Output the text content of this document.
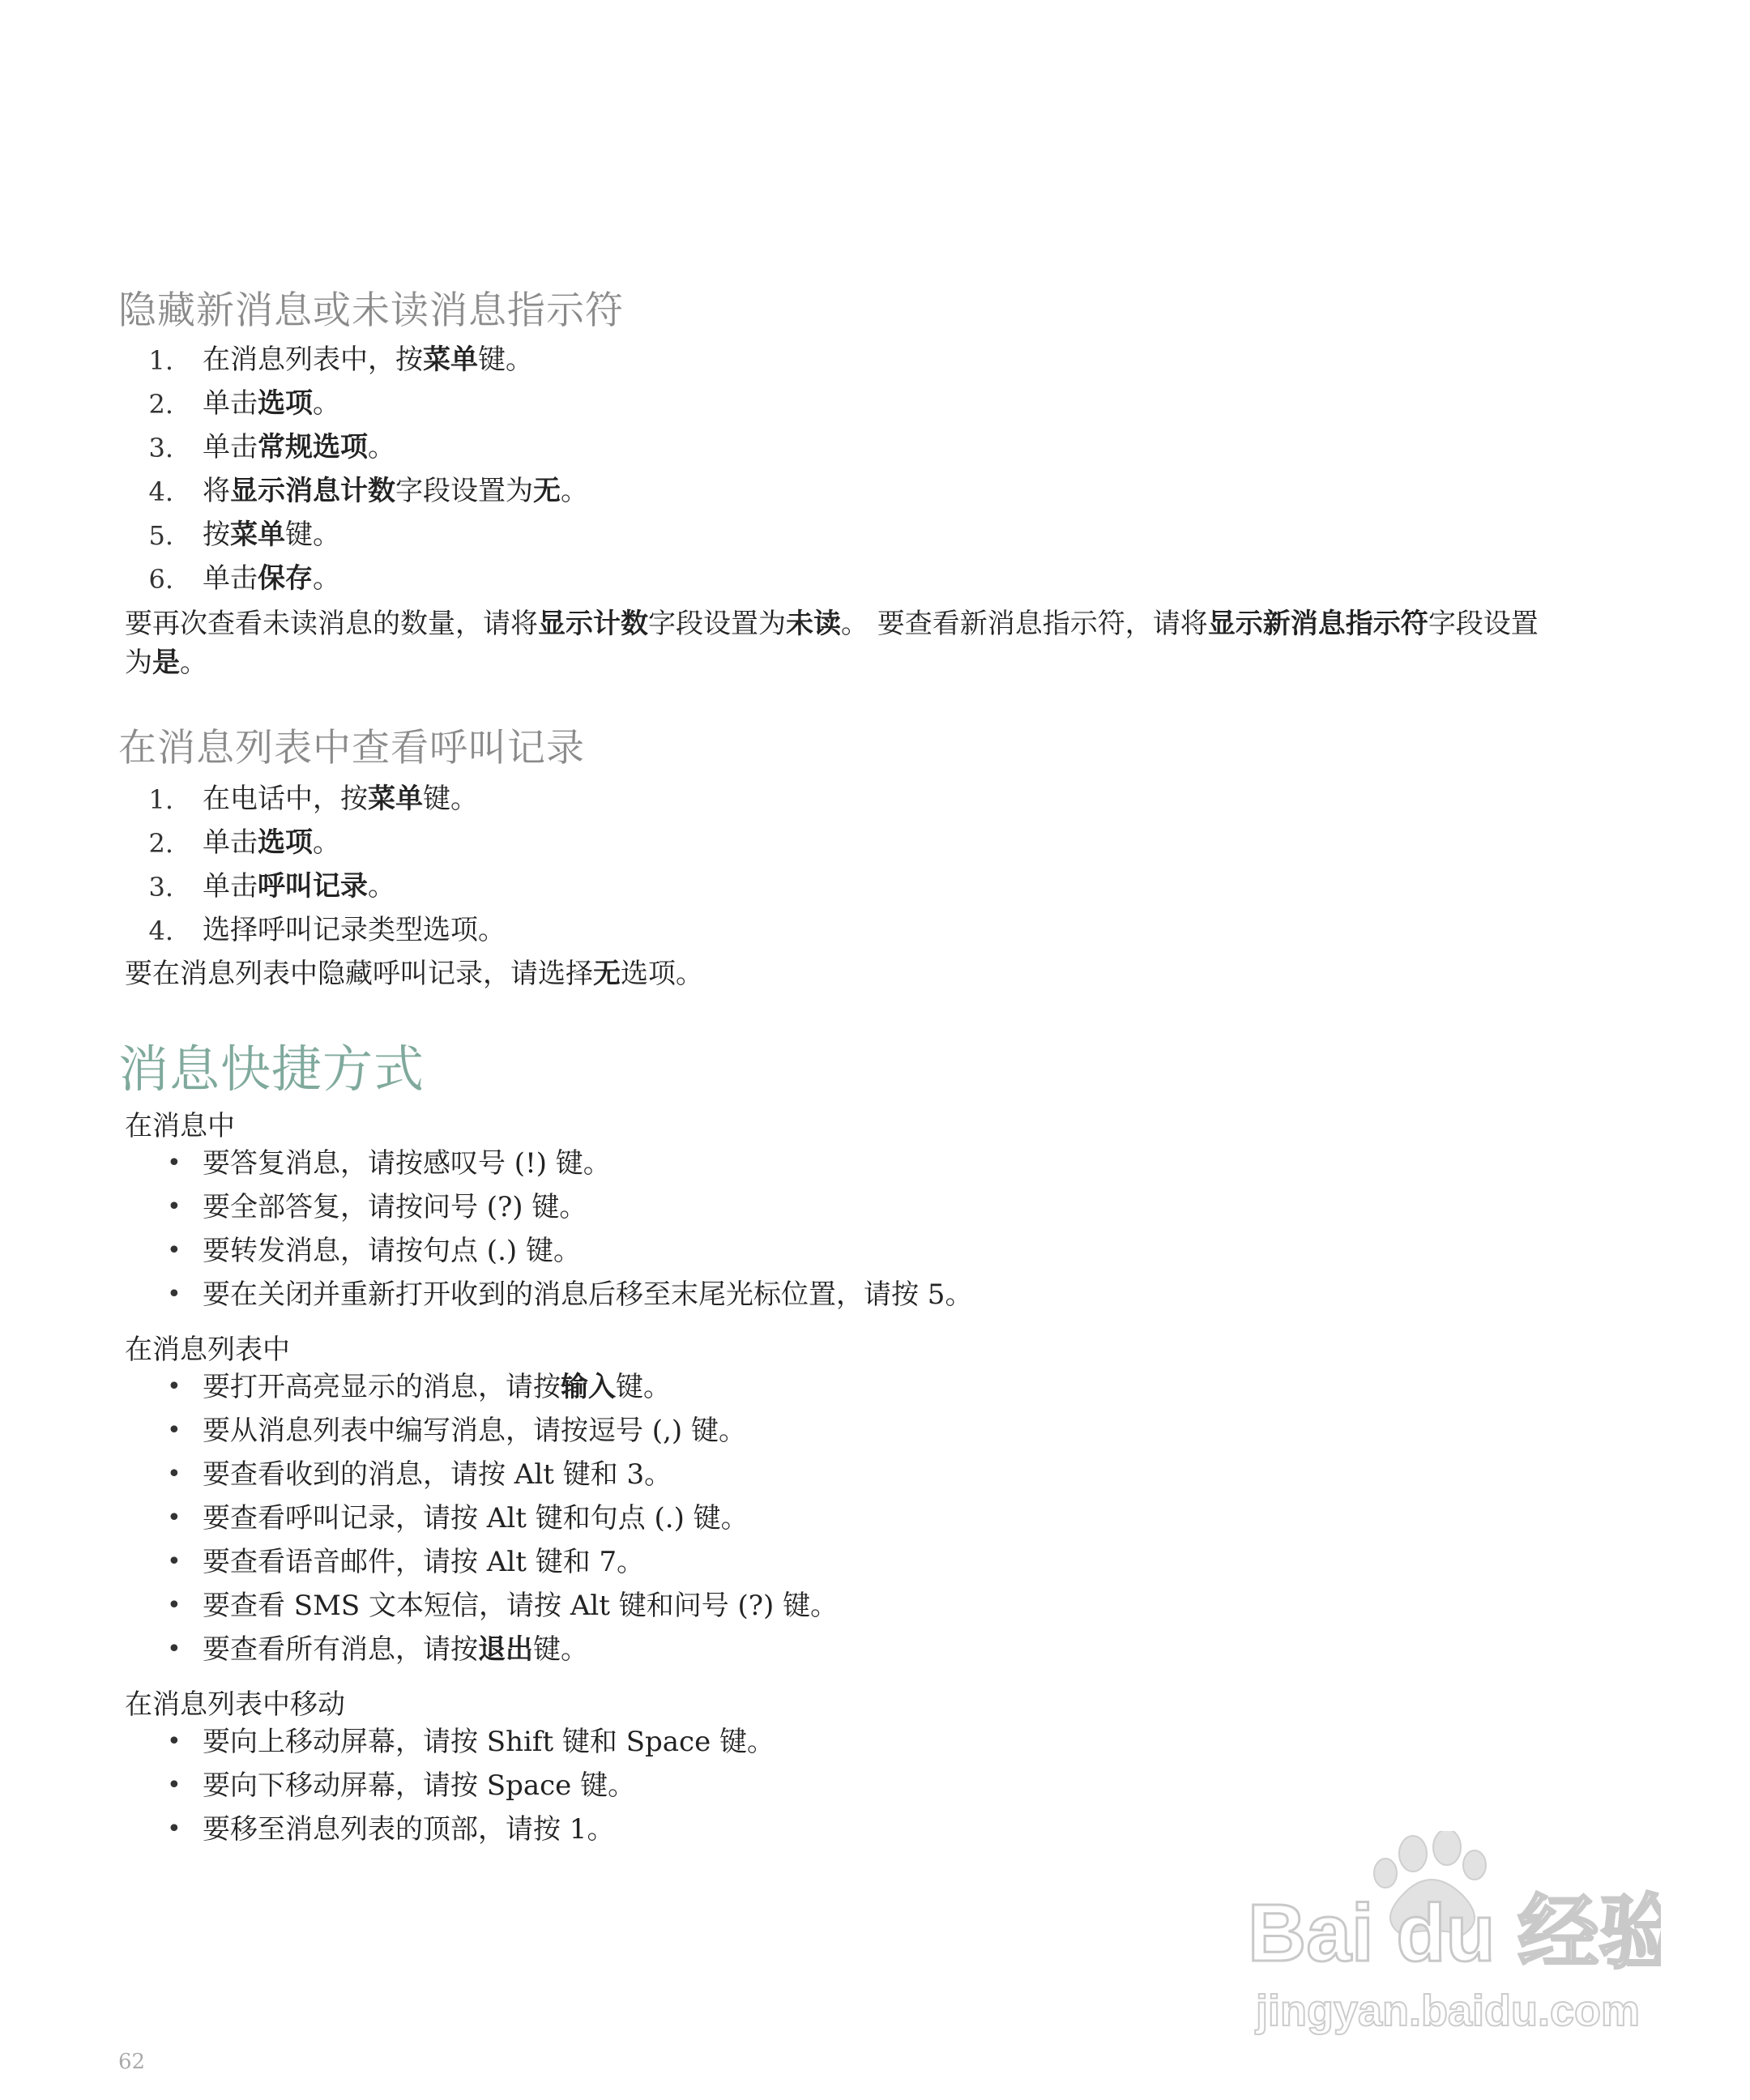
隐藏新消息或未读消息指示符
1. 在消息列表中，按菜单键。
2. 单击选项。
3. 单击常规选项。
4. 将显示消息计数字段设置为无。
5. 按菜单键。
6. 单击保存。
要再次查看未读消息的数量，请将显示计数字段设置为未读。 要查看新消息指示符，请将显示新消息指示符字段设置
为是。
在消息列表中查看呼叫记录
1. 在电话中，按菜单键。
2. 单击选项。
3. 单击呼叫记录。
4. 选择呼叫记录类型选项。
要在消息列表中隐藏呼叫记录，请选择无选项。
消息快捷方式
在消息中
• 要答复消息，请按感叹号 (!) 键。
• 要全部答复，请按问号 (?) 键。
• 要转发消息，请按句点 (.) 键。
• 要在关闭并重新打开收到的消息后移至末尾光标位置，请按 5。
在消息列表中
• 要打开高亮显示的消息，请按输入键。
• 要从消息列表中编写消息，请按逗号 (,) 键。
• 要查看收到的消息，请按 Alt 键和 3。
• 要查看呼叫记录，请按 Alt 键和句点 (.) 键。
• 要查看语音邮件，请按 Alt 键和 7。
• 要查看 SMS 文本短信，请按 Alt 键和问号 (?) 键。
• 要查看所有消息，请按退出键。
在消息列表中移动
• 要向上移动屏幕，请按 Shift 键和 Space 键。
• 要向下移动屏幕，请按 Space 键。
• 要移至消息列表的顶部，请按 1。
Bai du 经验
jingyan.baidu.com
62
